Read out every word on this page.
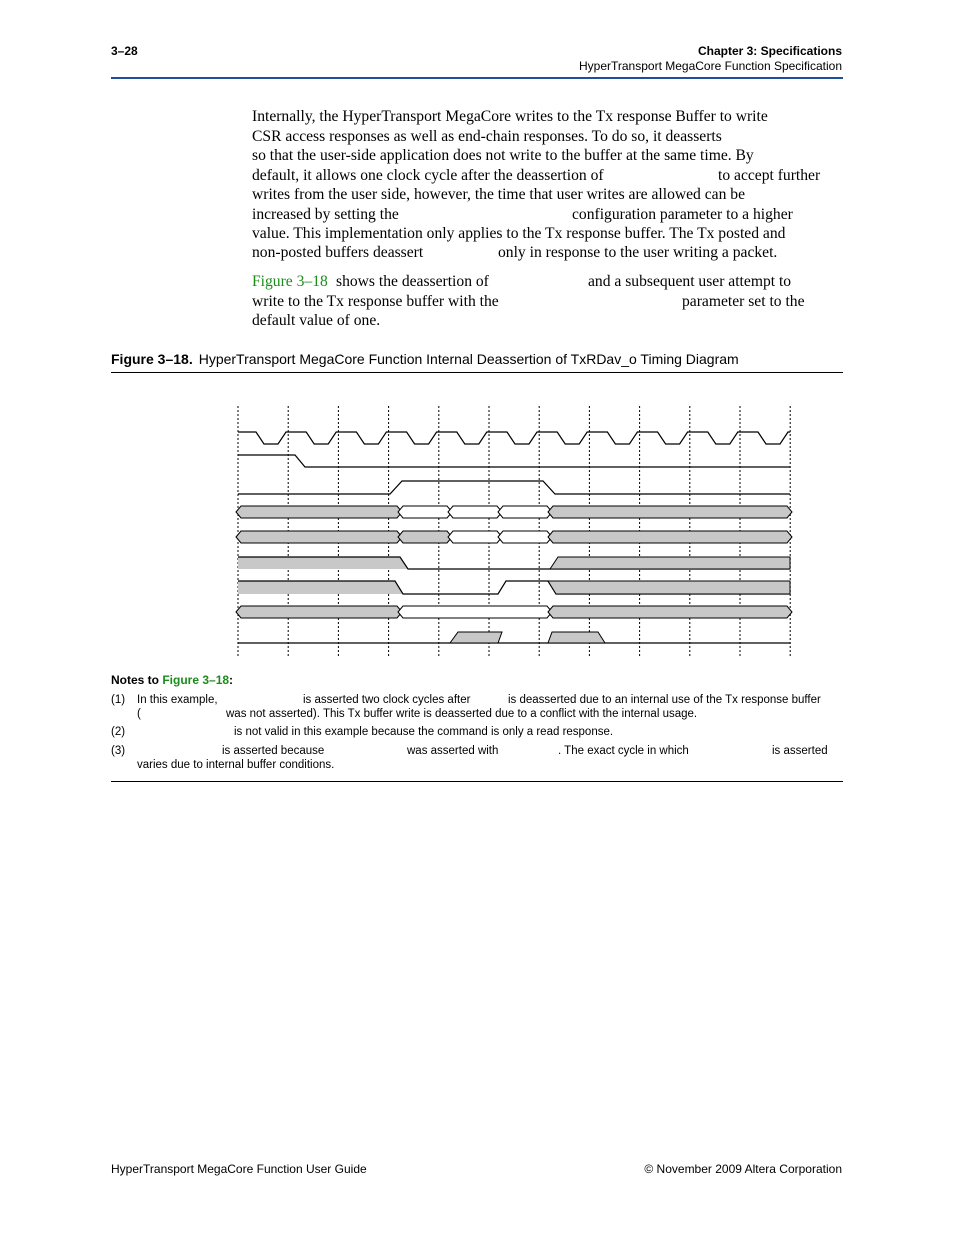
3–28	Chapter 3: Specifications
HyperTransport MegaCore Function Specification
Internally, the HyperTransport MegaCore writes to the Tx response Buffer to write
CSR access responses as well as end-chain responses. To do so, it deasserts
so that the user-side application does not write to the buffer at the same time. By
default, it allows one clock cycle after the deassertion of	to accept further
writes from the user side, however, the time that user writes are allowed can be
increased by setting the	configuration parameter to a higher
value. This implementation only applies to the Tx response buffer. The Tx posted and
non-posted buffers deassert	only in response to the user writing a packet.
Figure 3–18 shows the deassertion of	and a subsequent user attempt to
write to the Tx response buffer with the	parameter set to the
default value of one.
Figure 3–18. HyperTransport MegaCore Function Internal Deassertion of TxRDav_o Timing Diagram
Notes to Figure 3–18:
(1) In this example,	is asserted two clock cycles after	is deasserted due to an internal use of the Tx response buffer
(	was not asserted). This Tx buffer write is deasserted due to a conflict with the internal usage.
(2)	is not valid in this example because the command is only a read response.
(3)	is asserted because	was asserted with	. The exact cycle in which	is asserted
varies due to internal buffer conditions.
HyperTransport MegaCore Function User Guide	© November 2009 Altera Corporation
